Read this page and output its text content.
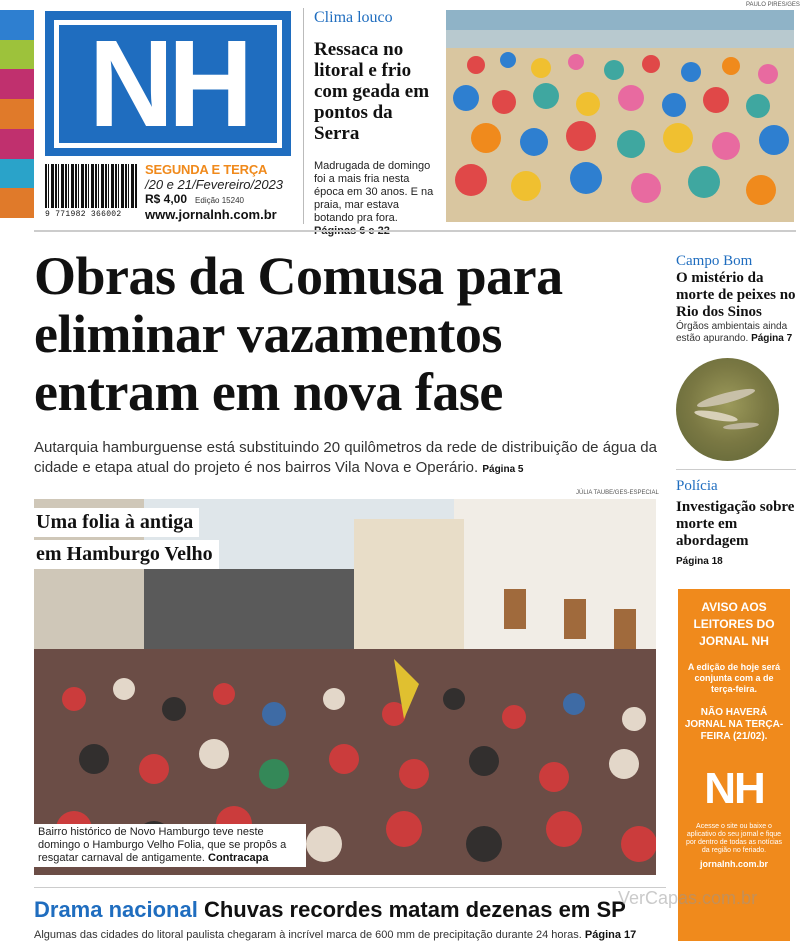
NH
9 771982 366002
SEGUNDA E TERÇA
/20 e 21/Fevereiro/2023
R$ 4,00 Edição 15240
www.jornalnh.com.br
Clima louco
Ressaca no litoral e frio com geada em pontos da Serra

Madrugada de domingo foi a mais fria nesta época em 30 anos. E na praia, mar estava botando pra fora.

PAULO PIRES/GES
Obras da Comusa para eliminar vazamentos entram em nova fase

Autarquia hamburguense está substituindo 20 quilômetros da rede de distribuição de água da cidade e etapa atual do projeto é nos bairros Vila Nova e Operário. Página 5

JÚLIA TAUBE/GES-ESPECIAL
Uma folia à antiga
em Hamburgo Velho
Bairro histórico de Novo Hamburgo teve neste domingo o Hamburgo Velho Folia, que se propôs a resgatar carnaval de antigamente. Contracapa
Campo Bom
O mistério da morte de peixes no Rio dos Sinos

Órgãos ambientais ainda estão apurando. Página 7

Polícia
Investigação sobre morte em abordagem

Página 18

AVISO AOS LEITORES DO JORNAL NH
A edição de hoje será conjunta com a de terça-feira.
NÃO HAVERÁ JORNAL NA TERÇA-FEIRA (21/02).
NH
Acesse o site ou baixe o aplicativo do seu jornal e fique por dentro de todas as notícias da região no feriado.
jornalnh.com.br
Drama nacional Chuvas recordes matam dezenas em SP
Algumas das cidades do litoral paulista chegaram à incrível marca de 600 mm de precipitação durante 24 horas. Página 17
VerCapas.com.br
